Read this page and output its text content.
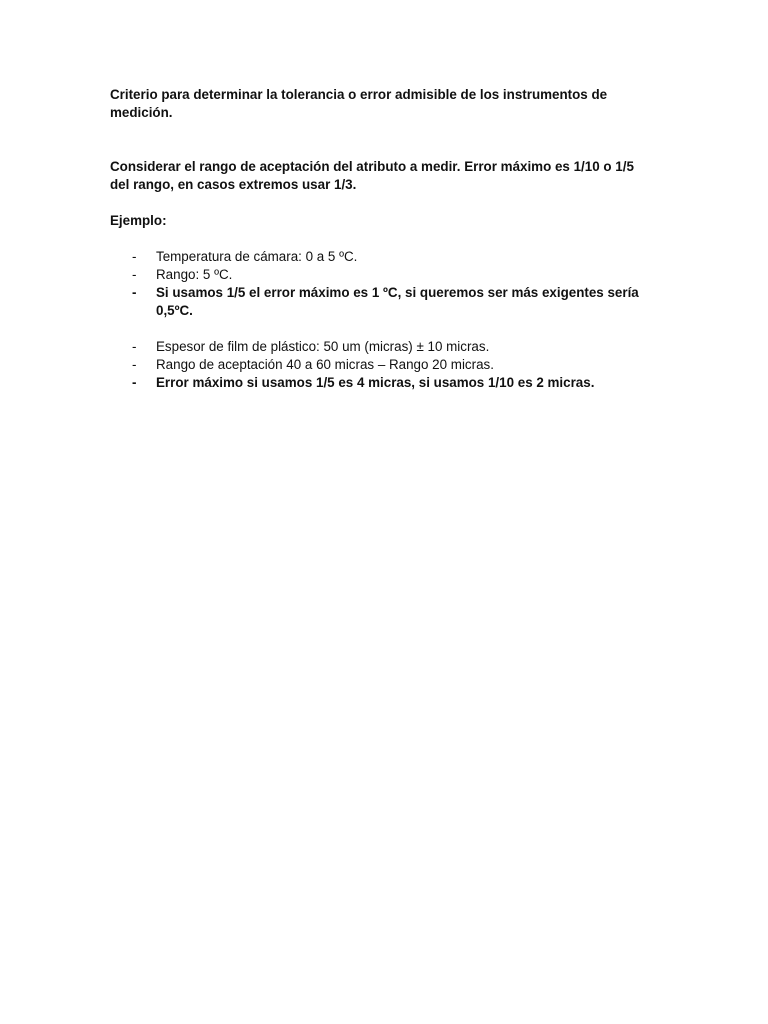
Criterio para determinar la tolerancia o error admisible de los instrumentos de medición.

Considerar el rango de aceptación del atributo a medir. Error máximo es 1/10 o 1/5 del rango, en casos extremos usar 1/3.

Ejemplo:

- Temperatura de cámara: 0 a 5 ºC.
- Rango: 5 ºC.
- Si usamos 1/5 el error máximo es 1 ºC, si queremos ser más exigentes sería 0,5ºC.
- Espesor de film de plástico: 50 um (micras) ± 10 micras.
- Rango de aceptación 40 a 60 micras – Rango 20 micras.
- Error máximo si usamos 1/5 es 4 micras, si usamos 1/10 es 2 micras.
